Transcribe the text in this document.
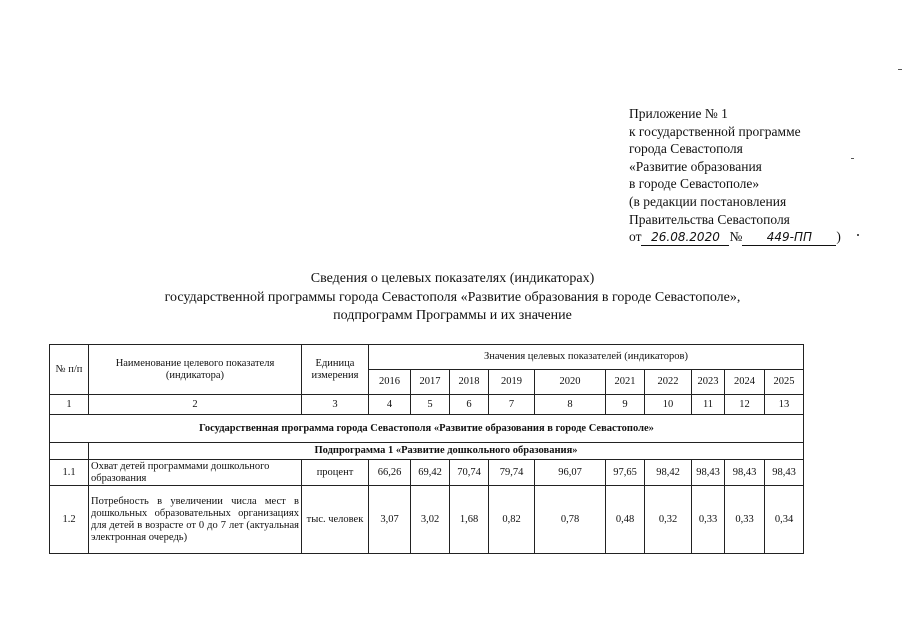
Приложение № 1
к государственной программе
города Севастополя
«Развитие образования
в городе Севастополе»
(в редакции постановления
Правительства Севастополя
от 26.08.2020 № 449-ПП )
Сведения о целевых показателях (индикаторах)
государственной программы города Севастополя «Развитие образования в городе Севастополе»,
подпрограмм Программы и их значение
№ п/п	Наименование целевого показателя (индикатора)	Единица измерения	Значения целевых показателей (индикаторов)									
			2016	2017	2018	2019	2020	2021	2022	2023	2024	2025
1	2	3	4	5	6	7	8	9	10	11	12	13
Государственная программа города Севастополя «Развитие образования в городе Севастополе»												
	Подпрограмма 1 «Развитие дошкольного образования»											
1.1	Охват детей программами дошкольного образования	процент	66,26	69,42	70,74	79,74	96,07	97,65	98,42	98,43	98,43	98,43
1.2	Потребность в увеличении числа мест в дошкольных образовательных организациях для детей в возрасте от 0 до 7 лет (актуальная электронная очередь)	тыс. человек	3,07	3,02	1,68	0,82	0,78	0,48	0,32	0,33	0,33	0,34
